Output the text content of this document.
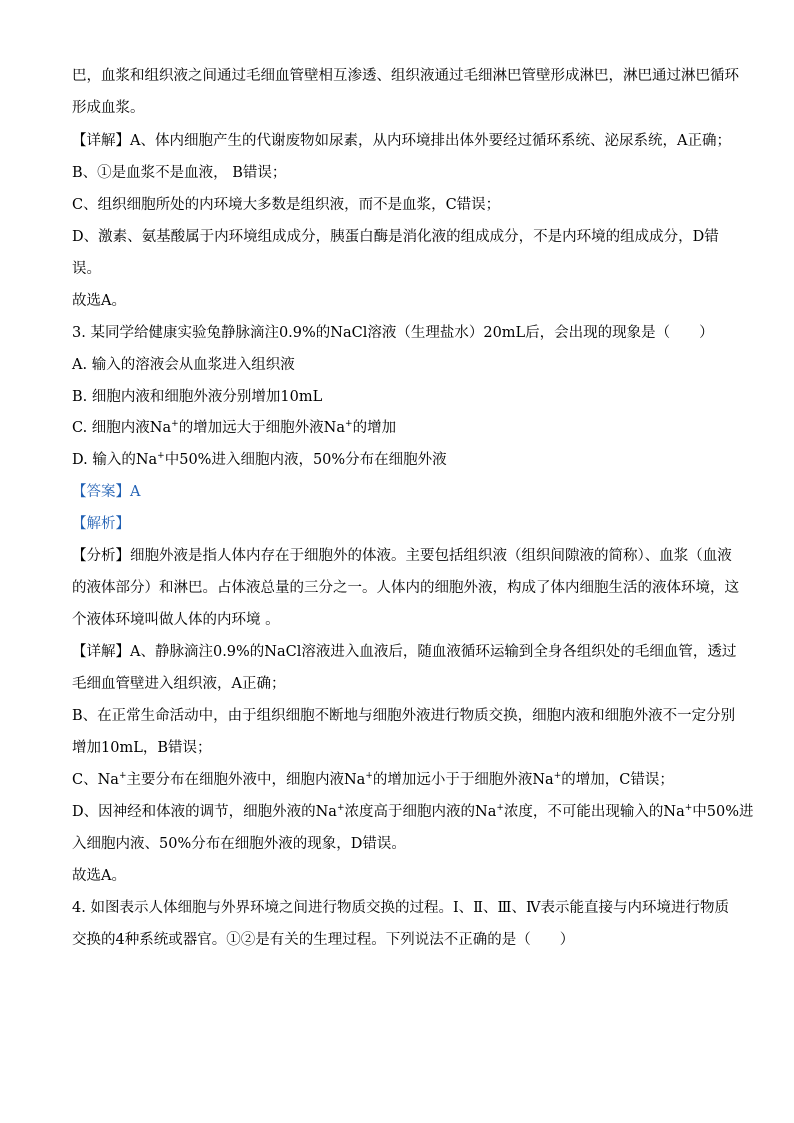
巴，血浆和组织液之间通过毛细血管壁相互渗透、组织液通过毛细淋巴管壁形成淋巴，淋巴通过淋巴循环
形成血浆。
【详解】A、体内细胞产生的代谢废物如尿素，从内环境排出体外要经过循环系统、泌尿系统，A正确；
B、①是血浆不是血液， B错误；
C、组织细胞所处的内环境大多数是组织液，而不是血浆，C错误；
D、激素、氨基酸属于内环境组成成分，胰蛋白酶是消化液的组成成分，不是内环境的组成成分，D错
误。
故选A。
3. 某同学给健康实验兔静脉滴注0.9%的NaCl溶液（生理盐水）20mL后，会出现的现象是（　　）
A. 输入的溶液会从血浆进入组织液
B. 细胞内液和细胞外液分别增加10mL
C. 细胞内液Na+的增加远大于细胞外液Na+的增加
D. 输入的Na+中50%进入细胞内液，50%分布在细胞外液
【答案】A
【解析】
【分析】细胞外液是指人体内存在于细胞外的体液。主要包括组织液（组织间隙液的简称）、血浆（血液
的液体部分）和淋巴。占体液总量的三分之一。人体内的细胞外液，构成了体内细胞生活的液体环境，这
个液体环境叫做人体的内环境 。
【详解】A、静脉滴注0.9%的NaCl溶液进入血液后，随血液循环运输到全身各组织处的毛细血管，透过
毛细血管壁进入组织液，A正确；
B、在正常生命活动中，由于组织细胞不断地与细胞外液进行物质交换，细胞内液和细胞外液不一定分别
增加10mL，B错误；
C、Na+主要分布在细胞外液中，细胞内液Na+的增加远小于于细胞外液Na+的增加，C错误；
D、因神经和体液的调节，细胞外液的Na+浓度高于细胞内液的Na+浓度，不可能出现输入的Na+中50%进
入细胞内液、50%分布在细胞外液的现象，D错误。
故选A。
4. 如图表示人体细胞与外界环境之间进行物质交换的过程。Ⅰ、Ⅱ、Ⅲ、Ⅳ表示能直接与内环境进行物质
交换的4种系统或器官。①②是有关的生理过程。下列说法不正确的是（　　）
